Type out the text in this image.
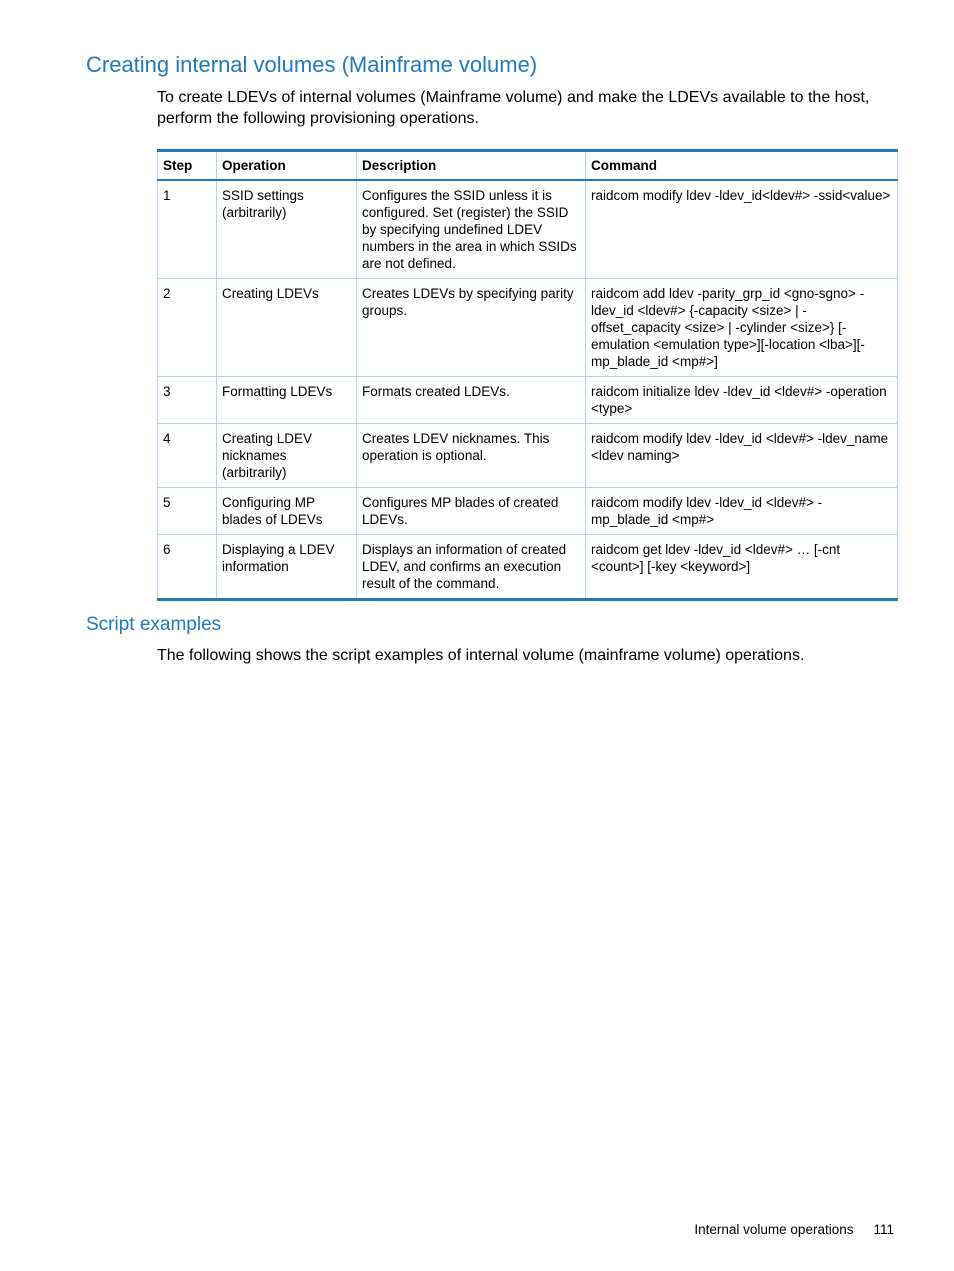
Creating internal volumes (Mainframe volume)

To create LDEVs of internal volumes (Mainframe volume) and make the LDEVs available to the host, perform the following provisioning operations.

Step	Operation	Description	Command
1	SSID settings (arbitrarily)	Configures the SSID unless it is configured. Set (register) the SSID by specifying undefined LDEV numbers in the area in which SSIDs are not defined.	raidcom modify ldev -ldev_id<ldev#> -ssid<value>
2	Creating LDEVs	Creates LDEVs by specifying parity groups.	raidcom add ldev -parity_grp_id <gno-sgno> -ldev_id <ldev#> {-capacity <size> | -offset_capacity <size> | -cylinder <size>} [-emulation <emulation type>][-location <lba>][-mp_blade_id <mp#>]
3	Formatting LDEVs	Formats created LDEVs.	raidcom initialize ldev -ldev_id <ldev#> -operation <type>
4	Creating LDEV nicknames (arbitrarily)	Creates LDEV nicknames. This operation is optional.	raidcom modify ldev -ldev_id <ldev#> -ldev_name <ldev naming>
5	Configuring MP blades of LDEVs	Configures MP blades of created LDEVs.	raidcom modify ldev -ldev_id <ldev#> -mp_blade_id <mp#>
6	Displaying a LDEV information	Displays an information of created LDEV, and confirms an execution result of the command.	raidcom get ldev -ldev_id <ldev#> … [-cnt <count>] [-key <keyword>]
Script examples

The following shows the script examples of internal volume (mainframe volume) operations.

Internal volume operations 111
